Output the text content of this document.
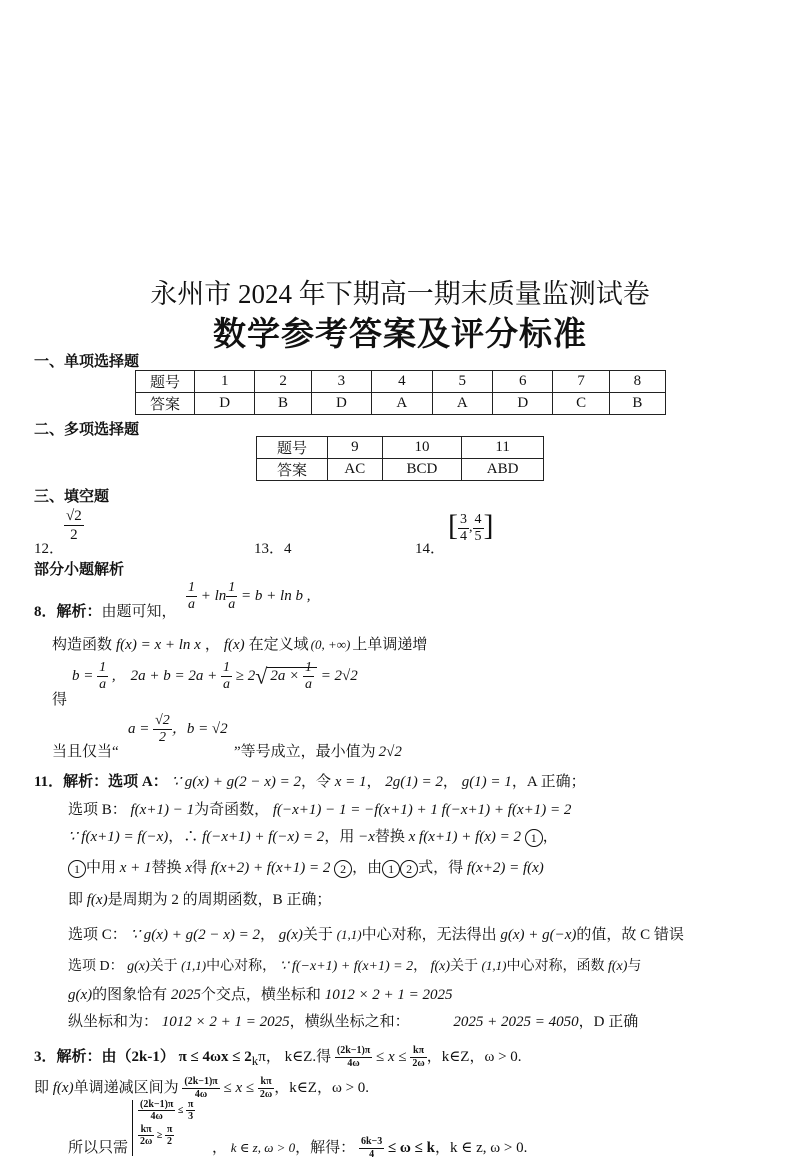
永州市 2024 年下期高一期末质量监测试卷
数学参考答案及评分标准
一、单项选择题
题号	1	2	3	4	5	6	7	8
答案	D	B	D	A	A	D	C	B
二、多项选择题
题号	9	10	11
答案	AC	BCD	ABD
三、填空题
12．
$\frac{√2}{2}$
13．4	14．
[ $\frac{3}{4}$ , $\frac{4}{5}$ ]
部分小题解析
8．解析：由题可知， $\frac{1}{a} + \ln \frac{1}{a} = b + \ln b$ ,
构造函数 f(x) = x + ln x ， f(x) 在定义域 (0, +∞) 上单调递增
得
$b = \frac{1}{a}$ ,    $2a + b = 2a + \frac{1}{a} \ge 2√$ $2a \times \frac{1}{a} = 2√2$
当且仅当“
$a = \frac{√2}{2}$ ，b = √2
”等号成立，最小值为 2√2
11．解析：选项 A： ∵ g(x) + g(2 − x) = 2，令 x = 1， 2g(1) = 2， g(1) = 1，A 正确；
选项 B： f(x+1) − 1为奇函数， f(−x+1) − 1 = −f(x+1) + 1 f(−x+1) + f(x+1) = 2
∵ f(x+1) = f(−x)，∴ f(−x+1) + f(−x) = 2，用 −x替换 x f(x+1) + f(x) = 2 1 ，
1 中用 x + 1替换 x得 f(x+2) + f(x+1) = 2 2 ，由 1 2 式，得 f(x+2) = f(x)
即 f(x)是周期为 2 的周期函数，B 正确；
选项 C： ∵ g(x) + g(2 − x) = 2， g(x)关于 (1,1)中心对称，无法得出 g(x) + g(−x)的值，故 C 错误
选项 D： g(x)关于 (1,1)中心对称， ∵ f(−x+1) + f(x+1) = 2， f(x)关于 (1,1)中心对称，函数 f(x)与
g(x)的图象恰有 2025个交点，横坐标和 1012 × 2 + 1 = 2025
纵坐标和为： 1012 × 2 + 1 = 2025，横纵坐标之和：	2025 + 2025 = 4050，D 正确
3．解析：由（2k-1） $\pi \le 4\omega x \le 2_k\pi$， k∈Z.得 $\frac{(2k-1)\pi}{4\omega} \le x \le \frac{k\pi}{2\omega}$ ，k∈Z，ω > 0.
即 f(x)单调递减区间为 $\frac{(2k-1)\pi}{4\omega} \le x \le \frac{k\pi}{2\omega}$ ，k∈Z，ω > 0.
所以只需
$\frac{(2k-1)\pi}{4\omega} \le \frac{\pi}{3}$
$\frac{k\pi}{2\omega} \ge \frac{\pi}{2}$
， k ∈ z, ω > 0，解得： $\frac{6k-3}{4} \le \omega \le k$，k ∈ z, ω > 0.
